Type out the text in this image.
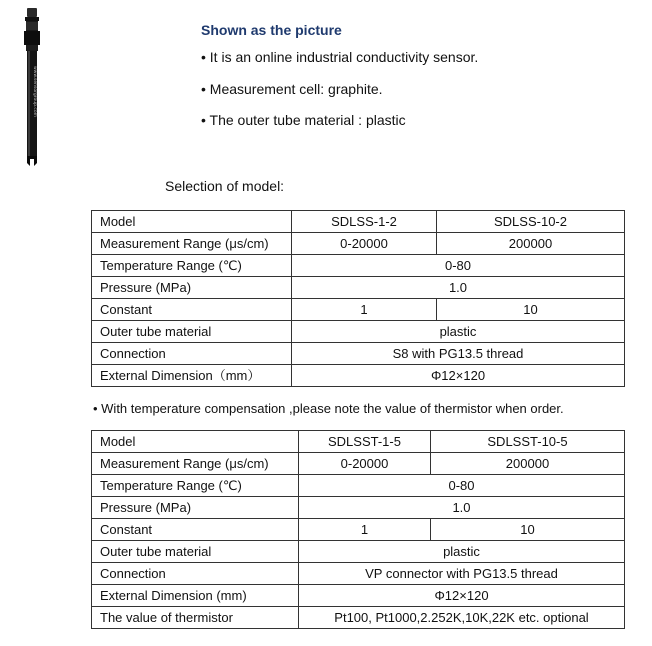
www.sensorgroup.com
Shown as the picture
• It is an online industrial conductivity sensor.
• Measurement cell: graphite.
• The outer tube material : plastic
Selection of model:
Model	SDLSS-1-2	SDLSS-10-2
Measurement Range (μs/cm)	0-20000	200000
Temperature Range (℃)	0-80	
Pressure (MPa)	1.0	
Constant	1	10
Outer tube material	plastic	
Connection	S8 with PG13.5 thread	
External Dimension（mm）	Φ12×120	
• With temperature compensation ,please note the value of thermistor when order.
Model	SDLSST-1-5	SDLSST-10-5
Measurement Range (μs/cm)	0-20000	200000
Temperature Range (℃)	0-80	
Pressure (MPa)	1.0	
Constant	1	10
Outer tube material	plastic	
Connection	VP connector with PG13.5 thread	
External Dimension (mm)	Φ12×120	
The value of thermistor	Pt100, Pt1000,2.252K,10K,22K etc. optional	
